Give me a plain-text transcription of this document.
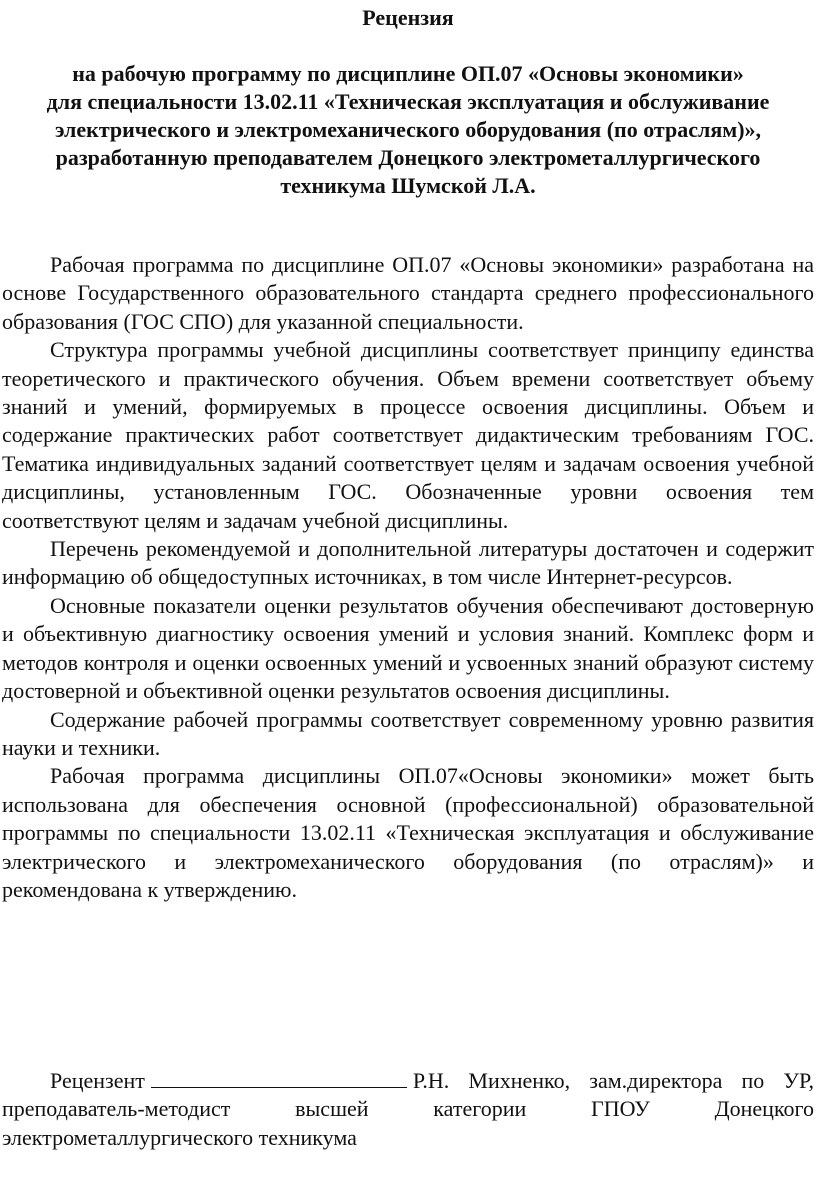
Рецензия
на рабочую программу по дисциплине ОП.07 «Основы экономики»
для специальности 13.02.11 «Техническая эксплуатация и обслуживание
электрического и электромеханического оборудования (по отраслям)»,
разработанную преподавателем Донецкого электрометаллургического
техникума Шумской Л.А.

Рабочая программа по дисциплине ОП.07 «Основы экономики» разработана на основе Государственного образовательного стандарта среднего профессионального образования (ГОС СПО) для указанной специальности.

Структура программы учебной дисциплины соответствует принципу единства теоретического и практического обучения. Объем времени соответствует объему знаний и умений, формируемых в процессе освоения дисциплины. Объем и содержание практических работ соответствует дидактическим требованиям ГОС. Тематика индивидуальных заданий соответствует целям и задачам освоения учебной дисциплины, установленным ГОС. Обозначенные уровни освоения тем соответствуют целям и задачам учебной дисциплины.

Перечень рекомендуемой и дополнительной литературы достаточен и содержит информацию об общедоступных источниках, в том числе Интернет-ресурсов.

Основные показатели оценки результатов обучения обеспечивают достоверную и объективную диагностику освоения умений и условия знаний. Комплекс форм и методов контроля и оценки освоенных умений и усвоенных знаний образуют систему достоверной и объективной оценки результатов освоения дисциплины.

Содержание рабочей программы соответствует современному уровню развития науки и техники.

Рабочая программа дисциплины ОП.07«Основы экономики» может быть использована для обеспечения основной (профессиональной) образовательной программы по специальности 13.02.11 «Техническая эксплуатация и обслуживание электрического и электромеханического оборудования (по отраслям)» и рекомендована к утверждению.

Рецензент	Р.Н. Михненко, зам.директора по УР,
преподаватель-методист высшей категории ГПОУ Донецкого
электрометаллургического техникума
